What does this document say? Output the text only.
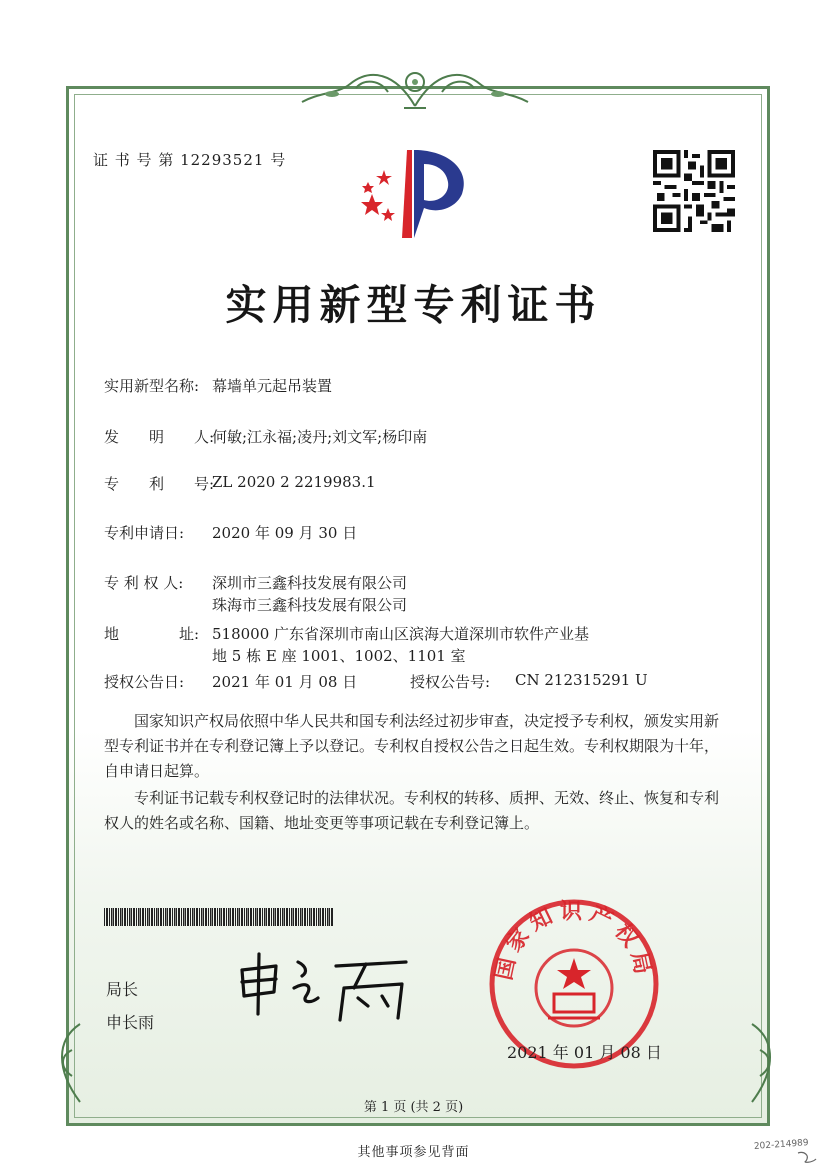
证 书 号 第 12293521 号
实用新型专利证书
实用新型名称: 幕墙单元起吊装置
发　　明　　人:
何敏;江永福;凌丹;刘文军;杨印南
专　　利　　号:
ZL 2020 2 2219983.1
专利申请日: 2020 年 09 月 30 日
专 利 权 人: 深圳市三鑫科技发展有限公司
珠海市三鑫科技发展有限公司
地　　　　址: 518000 广东省深圳市南山区滨海大道深圳市软件产业基
地 5 栋 E 座 1001、1002、1101 室
授权公告日: 2021 年 01 月 08 日	授权公告号: CN 212315291 U

国家知识产权局依照中华人民共和国专利法经过初步审查，决定授予专利权，颁发实用新型专利证书并在专利登记簿上予以登记。专利权自授权公告之日起生效。专利权期限为十年，自申请日起算。

专利证书记载专利权登记时的法律状况。专利权的转移、质押、无效、终止、恢复和专利权人的姓名或名称、国籍、地址变更等事项记载在专利登记簿上。

局长
申长雨
国家知识产权局
2021 年 01 月 08 日
第 1 页 (共 2 页)
其他事项参见背面	202-214989
